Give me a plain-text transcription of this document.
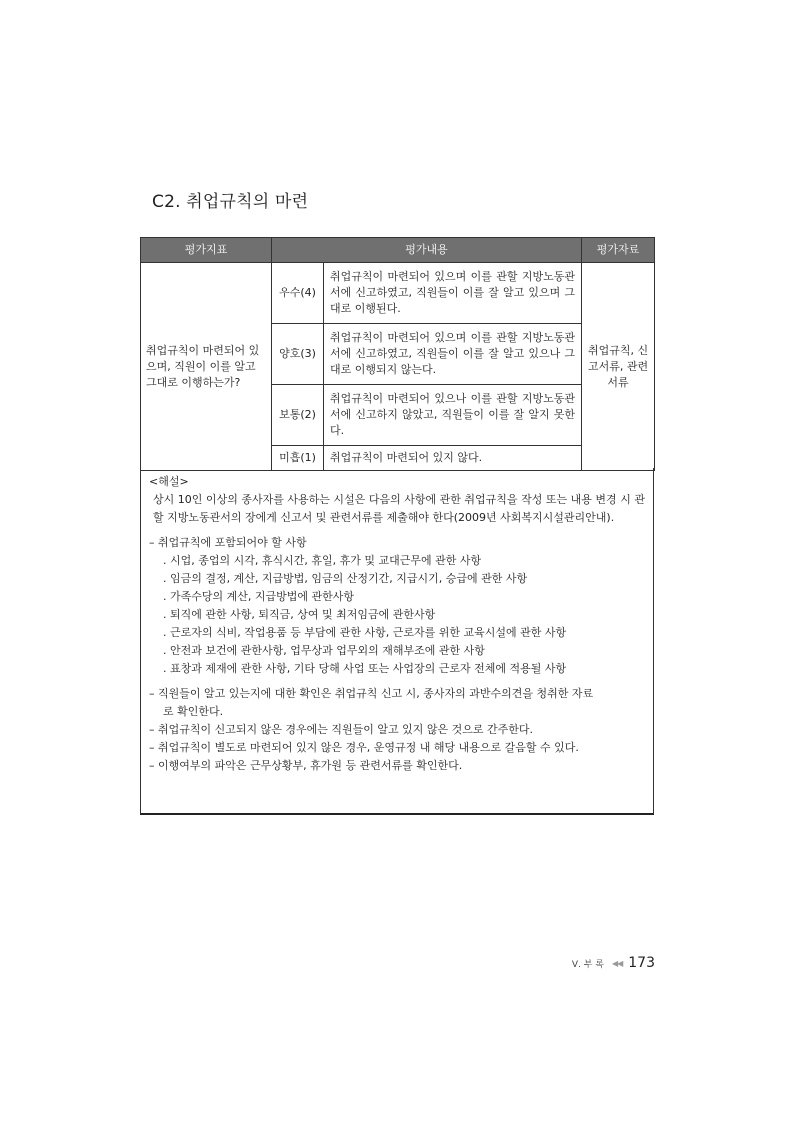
C2. 취업규칙의 마련
평가지표	평가내용		평가자료
취업규칙이 마련되어 있으며, 직원이 이를 알고 그대로 이행하는가?	우수(4)	취업규칙이 마련되어 있으며 이를 관할 지방노동관서에 신고하였고, 직원들이 이를 잘 알고 있으며 그대로 이행된다.	취업규칙, 신고서류, 관련서류
	양호(3)	취업규칙이 마련되어 있으며 이를 관할 지방노동관서에 신고하였고, 직원들이 이를 잘 알고 있으나 그대로 이행되지 않는다.	
	보통(2)	취업규칙이 마련되어 있으나 이를 관할 지방노동관서에 신고하지 않았고, 직원들이 이를 잘 알지 못한다.	
	미흡(1)	취업규칙이 마련되어 있지 않다.	

<해설>

상시 10인 이상의 종사자를 사용하는 시설은 다음의 사항에 관한 취업규칙을 작성 또는 내용 변경 시 관할 지방노동관서의 장에게 신고서 및 관련서류를 제출해야 한다(2009년 사회복지시설관리안내).

– 취업규칙에 포함되어야 할 사항

. 시업, 종업의 시각, 휴식시간, 휴일, 휴가 및 교대근무에 관한 사항

. 임금의 결정, 계산, 지급방법, 임금의 산정기간, 지급시기, 승급에 관한 사항

. 가족수당의 계산, 지급방법에 관한사항

. 퇴직에 관한 사항, 퇴직금, 상여 및 최저임금에 관한사항

. 근로자의 식비, 작업용품 등 부담에 관한 사항, 근로자를 위한 교육시설에 관한 사항

. 안전과 보건에 관한사항, 업무상과 업무외의 재해부조에 관한 사항

. 표창과 제재에 관한 사항, 기타 당해 사업 또는 사업장의 근로자 전체에 적용될 사항

– 직원들이 알고 있는지에 대한 확인은 취업규칙 신고 시, 종사자의 과반수의견을 청취한 자료

로 확인한다.

– 취업규칙이 신고되지 않은 경우에는 직원들이 알고 있지 않은 것으로 간주한다.

– 취업규칙이 별도로 마련되어 있지 않은 경우, 운영규정 내 해당 내용으로 갈음할 수 있다.

– 이행여부의 파악은 근무상황부, 휴가원 등 관련서류를 확인한다.

Ⅴ. 부 록 ◀◀ 173
